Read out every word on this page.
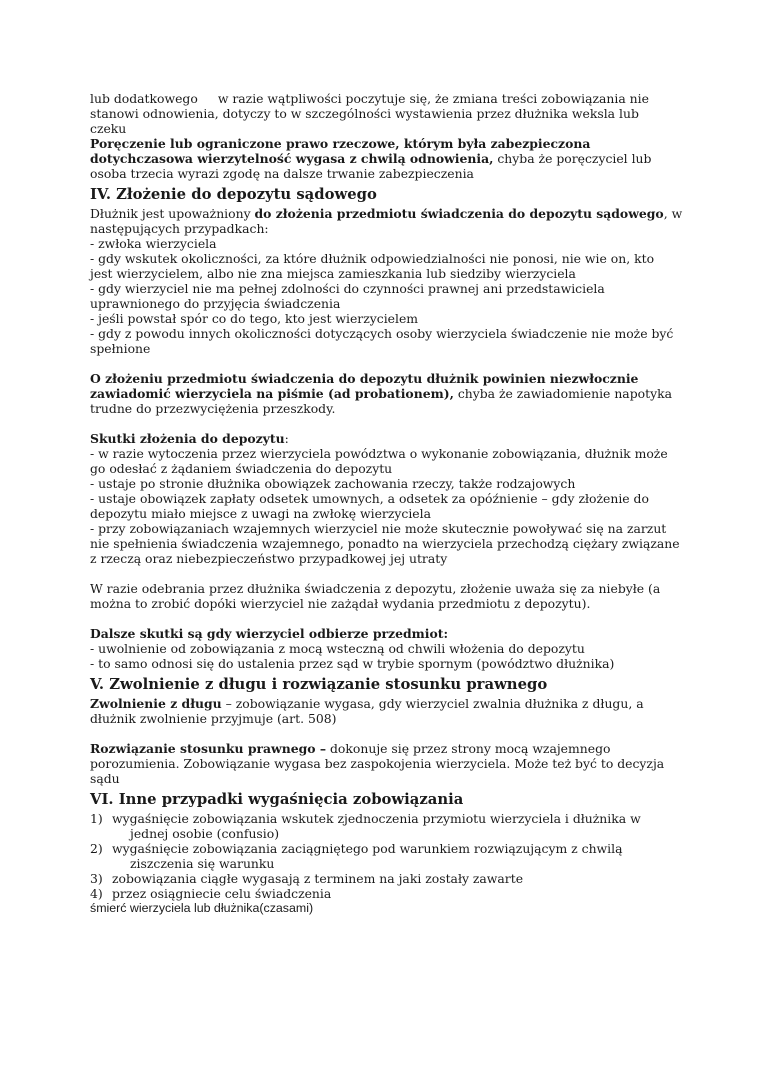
lub dodatkowego w razie wątpliwości poczytuje się, że zmiana treści zobowiązania nie
stanowi odnowienia, dotyczy to w szczególności wystawienia przez dłużnika weksla lub
czeku
Poręczenie lub ograniczone prawo rzeczowe, którym była zabezpieczona
dotychczasowa wierzytelność wygasa z chwilą odnowienia, chyba że poręczyciel lub
osoba trzecia wyrazi zgodę na dalsze trwanie zabezpieczenia
IV. Złożenie do depozytu sądowego
Dłużnik jest upoważniony do złożenia przedmiotu świadczenia do depozytu sądowego, w
następujących przypadkach:
- zwłoka wierzyciela
- gdy wskutek okoliczności, za które dłużnik odpowiedzialności nie ponosi, nie wie on, kto
jest wierzycielem, albo nie zna miejsca zamieszkania lub siedziby wierzyciela
- gdy wierzyciel nie ma pełnej zdolności do czynności prawnej ani przedstawiciela
uprawnionego do przyjęcia świadczenia
- jeśli powstał spór co do tego, kto jest wierzycielem
- gdy z powodu innych okoliczności dotyczących osoby wierzyciela świadczenie nie może być
spełnione
O złożeniu przedmiotu świadczenia do depozytu dłużnik powinien niezwłocznie
zawiadomić wierzyciela na piśmie (ad probationem), chyba że zawiadomienie napotyka
trudne do przezwyciężenia przeszkody.
Skutki złożenia do depozytu:
- w razie wytoczenia przez wierzyciela powództwa o wykonanie zobowiązania, dłużnik może
go odesłać z żądaniem świadczenia do depozytu
- ustaje po stronie dłużnika obowiązek zachowania rzeczy, także rodzajowych
- ustaje obowiązek zapłaty odsetek umownych, a odsetek za opóźnienie – gdy złożenie do
depozytu miało miejsce z uwagi na zwłokę wierzyciela
- przy zobowiązaniach wzajemnych wierzyciel nie może skutecznie powoływać się na zarzut
nie spełnienia świadczenia wzajemnego, ponadto na wierzyciela przechodzą ciężary związane
z rzeczą oraz niebezpieczeństwo przypadkowej jej utraty
W razie odebrania przez dłużnika świadczenia z depozytu, złożenie uważa się za niebyłe (a
można to zrobić dopóki wierzyciel nie zażądał wydania przedmiotu z depozytu).
Dalsze skutki są gdy wierzyciel odbierze przedmiot:
- uwolnienie od zobowiązania z mocą wsteczną od chwili włożenia do depozytu
- to samo odnosi się do ustalenia przez sąd w trybie spornym (powództwo dłużnika)
V. Zwolnienie z długu i rozwiązanie stosunku prawnego
Zwolnienie z długu – zobowiązanie wygasa, gdy wierzyciel zwalnia dłużnika z długu, a
dłużnik zwolnienie przyjmuje (art. 508)
Rozwiązanie stosunku prawnego – dokonuje się przez strony mocą wzajemnego
porozumienia. Zobowiązanie wygasa bez zaspokojenia wierzyciela. Może też być to decyzja
sądu
VI. Inne przypadki wygaśnięcia zobowiązania
1) wygaśnięcie zobowiązania wskutek zjednoczenia przymiotu wierzyciela i dłużnika w
jednej osobie (confusio)
2) wygaśnięcie zobowiązania zaciągniętego pod warunkiem rozwiązującym z chwilą
ziszczenia się warunku
3) zobowiązania ciągłe wygasają z terminem na jaki zostały zawarte
4) przez osiągniecie celu świadczenia
śmierć wierzyciela lub dłużnika(czasami)
